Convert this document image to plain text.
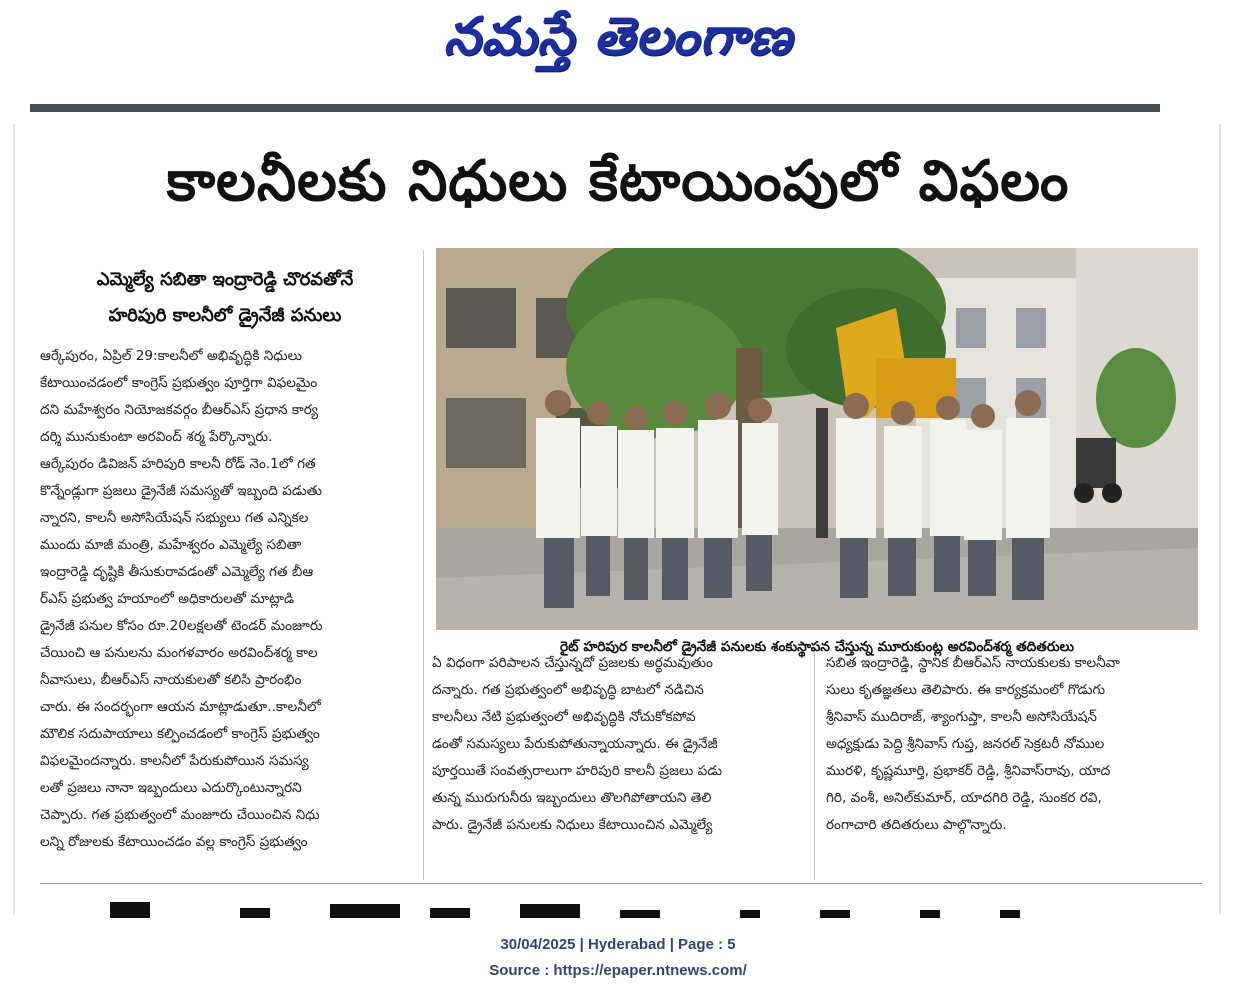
నమస్తే తెలంగాణ
కాలనీలకు నిధులు కేటాయింపులో విఫలం
ఎమ్మెల్యే సబితా ఇంద్రారెడ్డి చొరవతోనే
హరిపురి కాలనీలో డ్రైనేజీ పనులు
ఆర్కేపురం, ఏప్రిల్ 29:కాలనీలో అభివృద్ధికి నిధులు
కేటాయించడంలో కాంగ్రెస్ ప్రభుత్వం పూర్తిగా విఫలమైం
దని మహేశ్వరం నియోజకవర్గం బీఆర్ఎస్ ప్రధాన కార్య
దర్శి మునుకుంటా అరవింద్ శర్మ పేర్కొన్నారు.
ఆర్కేపురం డివిజన్ హరిపురి కాలనీ రోడ్ నెం.1లో గత
కొన్నేండ్లుగా ప్రజలు డ్రైనేజీ సమస్యతో ఇబ్బంది పడుతు
న్నారని, కాలనీ అసోసియేషన్ సభ్యులు గత ఎన్నికల
ముందు మాజీ మంత్రి, మహేశ్వరం ఎమ్మెల్యే సబితా
ఇంద్రారెడ్డి దృష్టికి తీసుకురావడంతో ఎమ్మెల్యే గత బీఆ
ర్ఎస్ ప్రభుత్వ హయాంలో అధికారులతో మాట్లాడి
డ్రైనేజీ పనుల కోసం రూ.20లక్షలతో టెండర్ మంజూరు
చేయించి ఆ పనులను మంగళవారం అరవింద్‌శర్మ కాల
నీవాసులు, బీఆర్ఎస్ నాయకులతో కలిసి ప్రారంభిం
చారు. ఈ సందర్భంగా ఆయన మాట్లాడుతూ..కాలనీలో
మౌలిక సదుపాయాలు కల్పించడంలో కాంగ్రెస్ ప్రభుత్వం
విఫలమైందన్నారు. కాలనీలో పేరుకుపోయిన సమస్య
లతో ప్రజలు నానా ఇబ్బందులు ఎదుర్కొంటున్నారని
చెప్పారు. గత ప్రభుత్వంలో మంజూరు చేయించిన నిధు
లన్ని రోజులకు కేటాయించడం వల్ల కాంగ్రెస్ ప్రభుత్వం
రైట్ హరిపుర కాలనీలో డ్రైనేజీ పనులకు శంకుస్థాపన చేస్తున్న మూరుకుంట్ల అరవింద్‌శర్మ తదితరులు
ఏ విధంగా పరిపాలన చేస్తున్నదో ప్రజలకు అర్థమవుతుం
దన్నారు. గత ప్రభుత్వంలో అభివృద్ధి బాటలో నడిచిన
కాలనీలు నేటి ప్రభుత్వంలో అభివృద్ధికి నోచుకోకపోవ
డంతో సమస్యలు పేరుకుపోతున్నాయన్నారు. ఈ డ్రైనేజీ
పూర్తయితే సంవత్సరాలుగా హరిపురి కాలనీ ప్రజలు పడు
తున్న మురుగునీరు ఇబ్బందులు తొలగిపోతాయని తెలి
పారు. డ్రైనేజీ పనులకు నిధులు కేటాయించిన ఎమ్మెల్యే
సబిత ఇంద్రారెడ్డి, స్థానిక బీఆర్ఎస్ నాయకులకు కాలనీవా
సులు కృతజ్ఞతలు తెలిపారు. ఈ కార్యక్రమంలో గొడుగు
శ్రీనివాస్ ముదిరాజ్, శ్యాంగుప్తా, కాలనీ అసోసియేషన్
అధ్యక్షుడు పెద్ది శ్రీనివాస్ గుప్త, జనరల్ సెక్రటరీ నోముల
మురళి, కృష్ణమూర్తి, ప్రభాకర్ రెడ్డి, శ్రీనివాస్‌రావు, యాద
గిరి, వంశీ, అనిల్‌కుమార్, యాదగిరి రెడ్డి, సుంకర రవి,
రంగాచారి తదితరులు పాల్గొన్నారు.
30/04/2025 | Hyderabad | Page : 5
Source : https://epaper.ntnews.com/
